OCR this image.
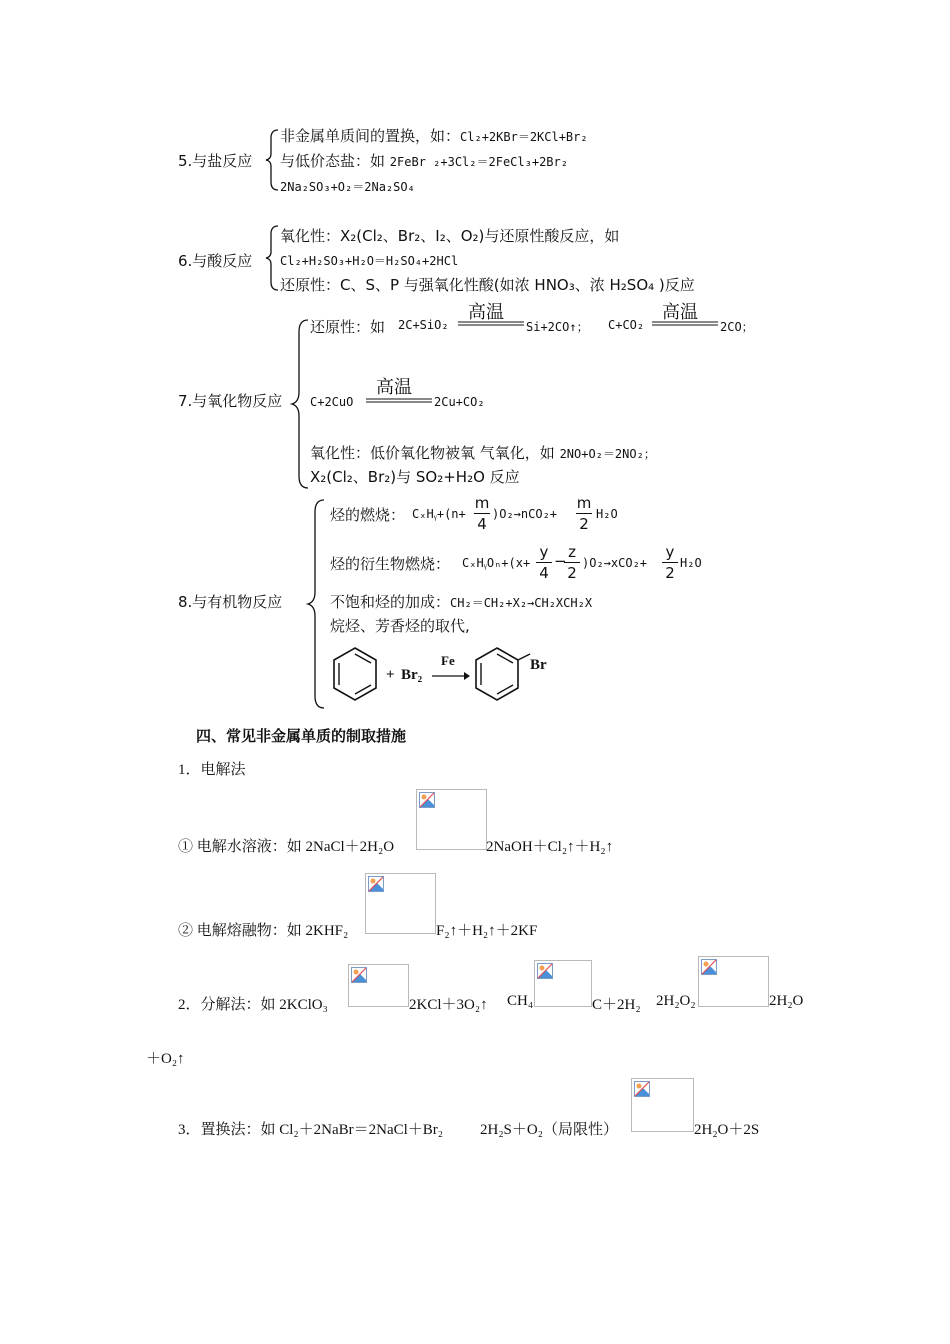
5.与盐反应
非金属单质间的置换，如：Cl₂+2KBr＝2KCl+Br₂
与低价态盐：如 2FeBr ₂+3Cl₂＝2FeCl₃+2Br₂
2Na₂SO₃+O₂＝2Na₂SO₄
6.与酸反应
氧化性：X₂(Cl₂、Br₂、I₂、O₂)与还原性酸反应，如
Cl₂+H₂SO₃+H₂O＝H₂SO₄+2HCl
还原性：C、S、P 与强氧化性酸(如浓 HNO₃、浓 H₂SO₄ )反应
7.与氧化物反应
还原性：如 2C+SiO₂
高温
Si+2CO↑； C+CO₂
高温
2CO；
C+2CuO
高温
2Cu+CO₂
氧化性：低价氧化物被氧 气氧化，如 2NO+O₂＝2NO₂；
X₂(Cl₂、Br₂)与 SO₂+H₂O 反应
8.与有机物反应
烃的燃烧： CₓHᵧ+(n+
m
4
)O₂→nCO₂+
m
2
H₂O
烃的衍生物燃烧： CₓHᵧOₙ+(x+
y
4
− z
2
)O₂→xCO₂+
y
2
H₂O
不饱和烃的加成：CH₂＝CH₂+X₂→CH₂XCH₂X
烷烃、芳香烃的取代,
+ Br₂
Fe	Br
四、常见非金属单质的制取措施
1．电解法
① 电解水溶液：如 2NaCl＋2H₂O	2NaOH＋Cl₂↑＋H₂↑
② 电解熔融物：如 2KHF₂	F₂↑＋H₂↑＋2KF
2．分解法：如 2KClO₃	2KCl＋3O₂↑ CH₄	C＋2H₂ 2H₂O₂	2H₂O
＋O₂↑
3．置换法：如 Cl₂＋2NaBr＝2NaCl＋Br₂ 2H₂S＋O₂（局限性）	2H₂O＋2S
